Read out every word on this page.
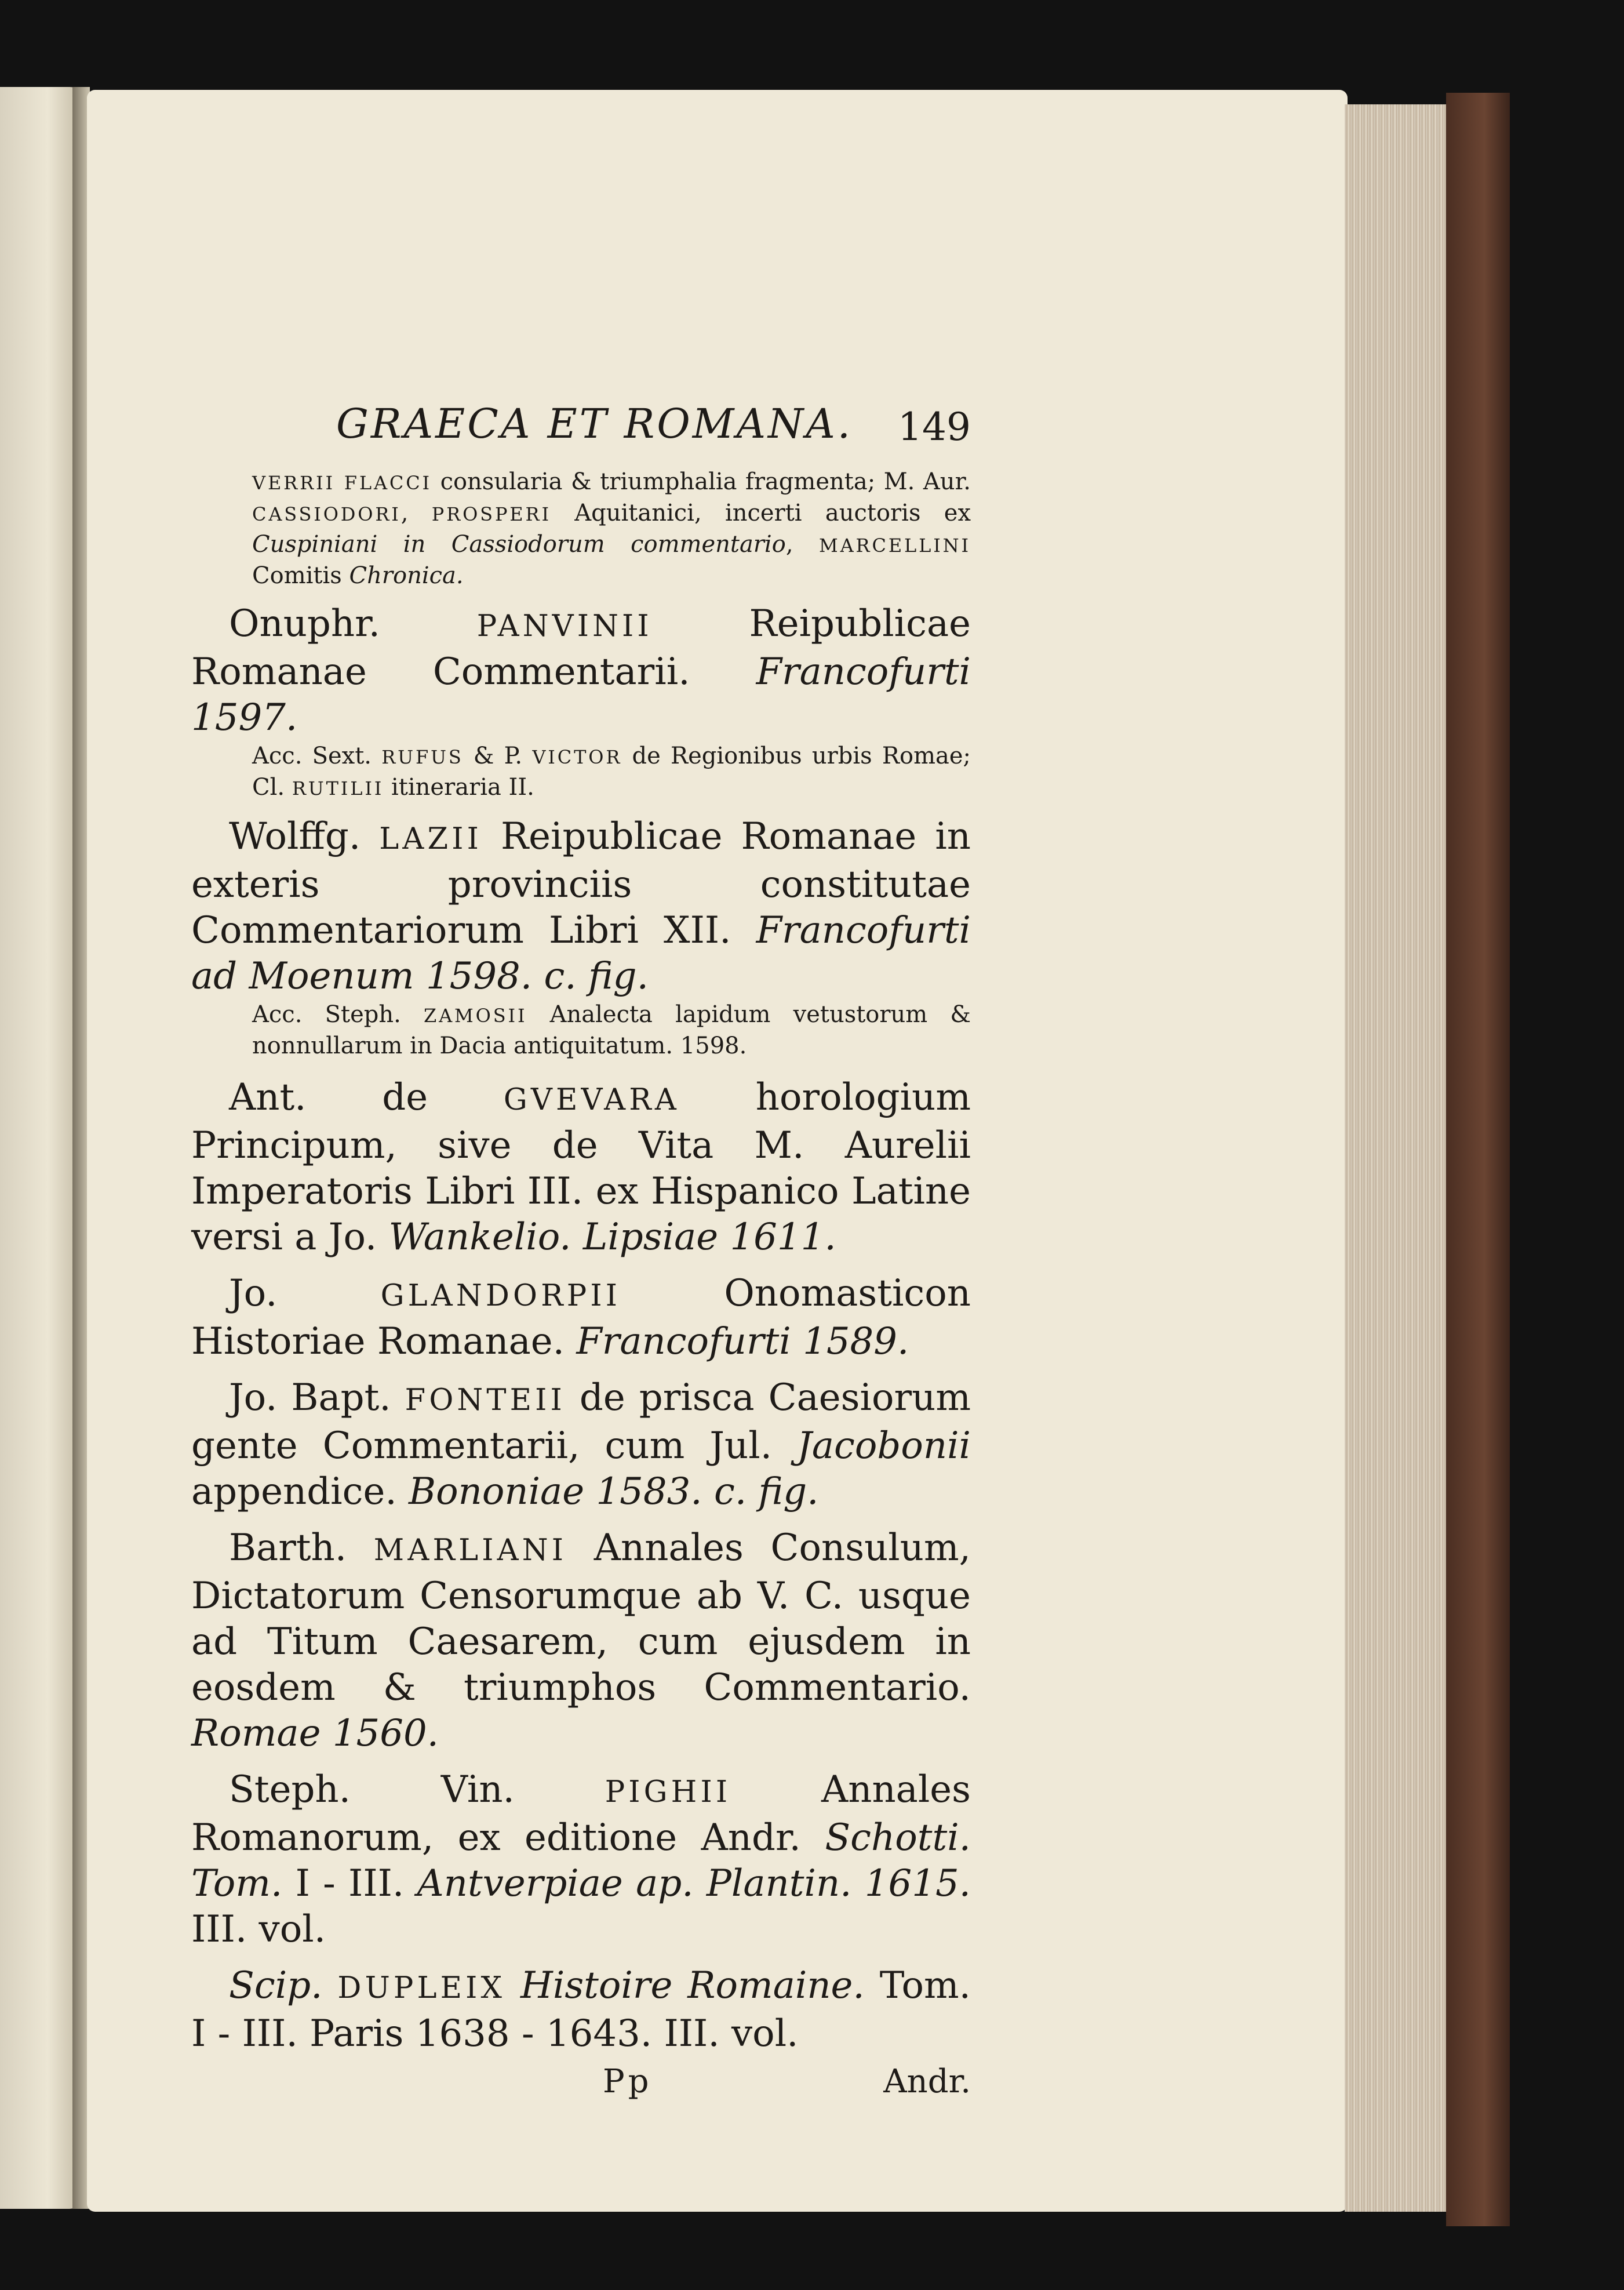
GRAECA ET ROMANA. 149

VERRII FLACCI consularia & triumphalia fragmenta; M. Aur. CASSIODORI, PROSPERI Aquitanici, incerti auctoris ex Cuspiniani in Cassiodorum commentario, MARCELLINI Comitis Chronica.

Onuphr. PANVINII Reipublicae Romanae Commentarii. Francofurti 1597.

Acc. Sext. RUFUS & P. VICTOR de Regionibus urbis Romae; Cl. RUTILII itineraria II.

Wolffg. LAZII Reipublicae Romanae in exteris provinciis constitutae Commentariorum Libri XII. Francofurti ad Moenum 1598. c. fig.

Acc. Steph. ZAMOSII Analecta lapidum vetustorum & nonnullarum in Dacia antiquitatum. 1598.

Ant. de GVEVARA horologium Principum, sive de Vita M. Aurelii Imperatoris Libri III. ex Hispanico Latine versi a Jo. Wankelio. Lipsiae 1611.

Jo. GLANDORPII Onomasticon Historiae Romanae. Francofurti 1589.

Jo. Bapt. FONTEII de prisca Caesiorum gente Commentarii, cum Jul. Jacobonii appendice. Bononiae 1583. c. fig.

Barth. MARLIANI Annales Consulum, Dictatorum Censorumque ab V. C. usque ad Titum Caesarem, cum ejusdem in eosdem & triumphos Commentario. Romae 1560.

Steph. Vin. PIGHII Annales Romanorum, ex editione Andr. Schotti. Tom. I - III. Antverpiae ap. Plantin. 1615. III. vol.

Scip. DUPLEIX Histoire Romaine. Tom. I - III. Paris 1638 - 1643. III. vol.

Pp	Andr.
